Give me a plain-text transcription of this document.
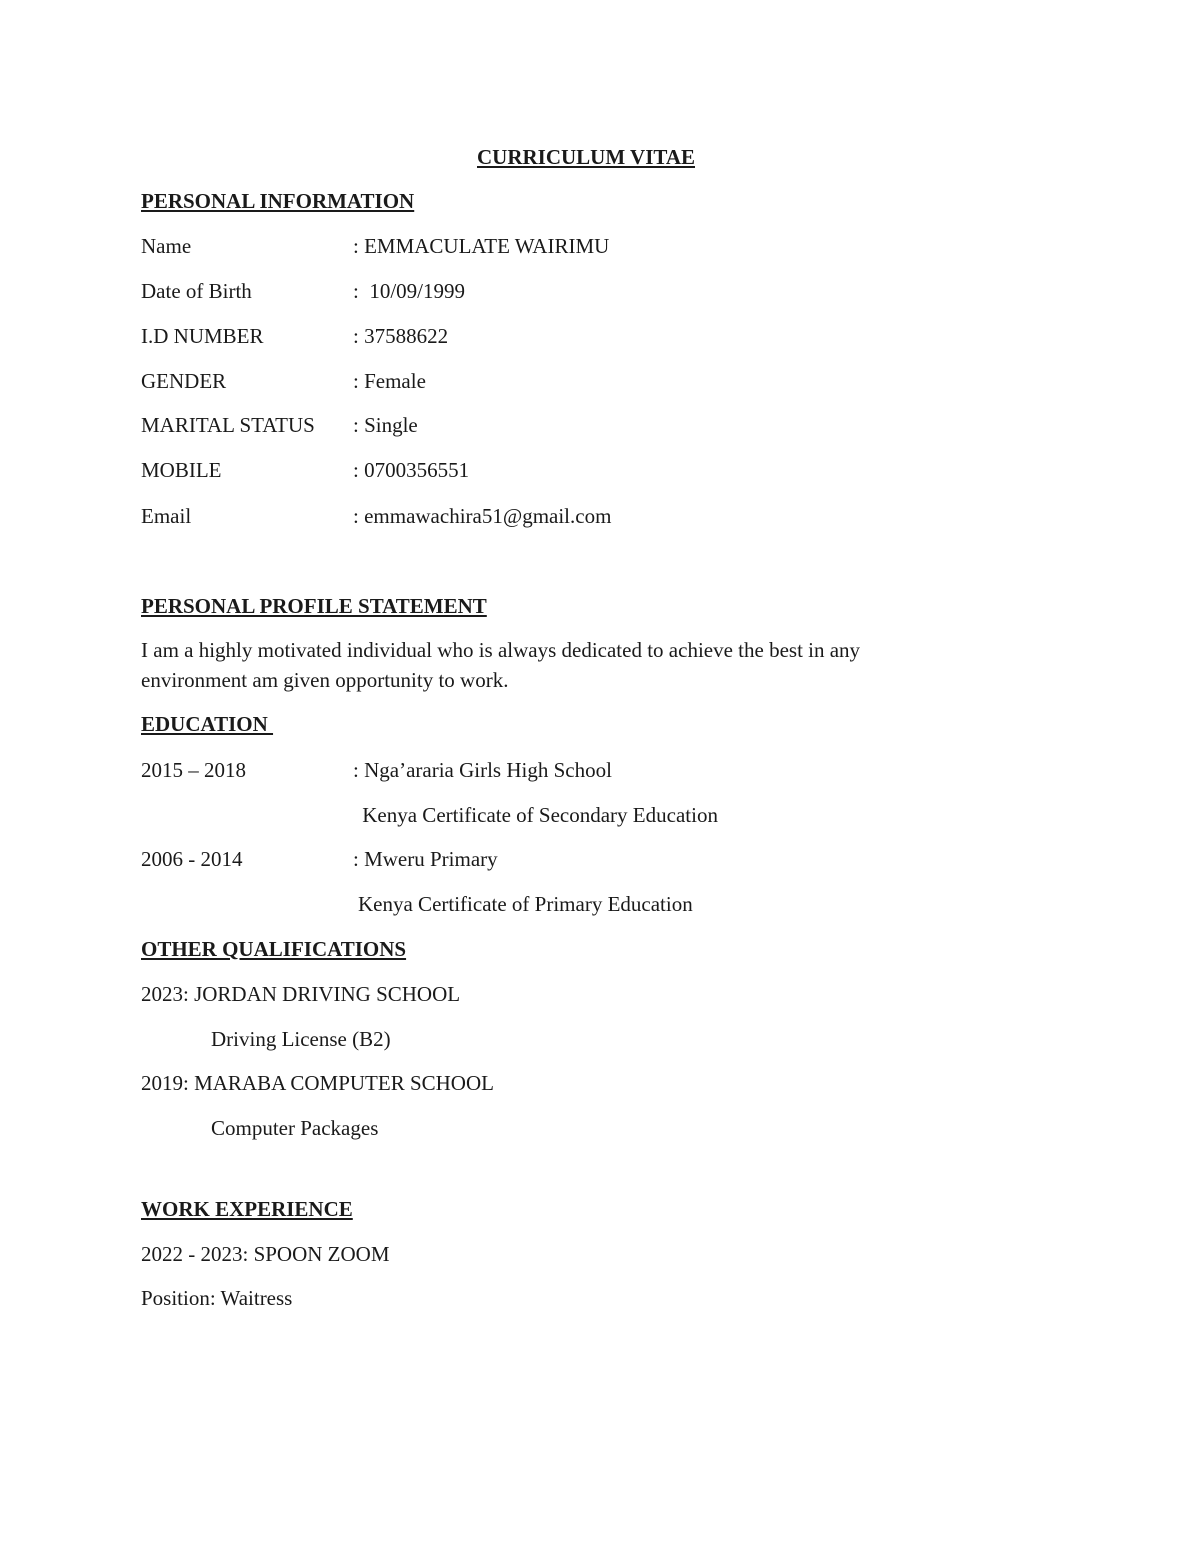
CURRICULUM VITAE
PERSONAL INFORMATION
Name	: EMMACULATE WAIRIMU
Date of Birth	:  10/09/1999
I.D NUMBER	: 37588622
GENDER	: Female
MARITAL STATUS : Single
MOBILE	: 0700356551
Email	: emmawachira51@gmail.com
PERSONAL PROFILE STATEMENT
I am a highly motivated individual who is always dedicated to achieve the best in any
environment am given opportunity to work.
EDUCATION
2015 – 2018	: Nga’araria Girls High School
Kenya Certificate of Secondary Education
2006 - 2014	: Mweru Primary
Kenya Certificate of Primary Education
OTHER QUALIFICATIONS
2023: JORDAN DRIVING SCHOOL
Driving License (B2)
2019: MARABA COMPUTER SCHOOL
Computer Packages
WORK EXPERIENCE
2022 - 2023: SPOON ZOOM
Position: Waitress
